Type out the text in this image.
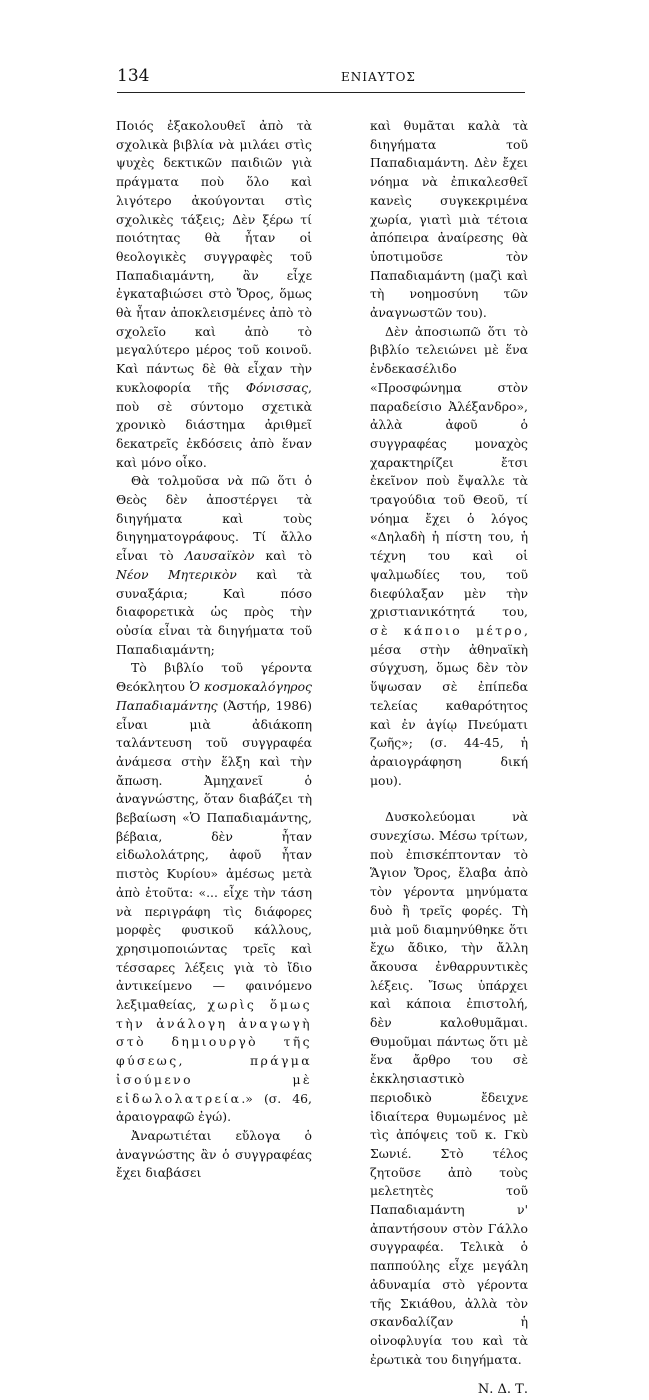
134	ΕΝΙΑΥΤΟΣ

Ποιός ἐξακολουθεῖ ἀπὸ τὰ σχολικὰ βιβλία νὰ μιλάει στὶς ψυχὲς δεκτικῶν παιδιῶν γιὰ πράγματα ποὺ ὅλο καὶ λιγότερο ἀκούγονται στὶς σχολικὲς τάξεις; Δὲν ξέρω τί ποιότητας θὰ ἦταν οἱ θεολογικὲς συγγραφὲς τοῦ Παπαδιαμάντη, ἂν εἶχε ἐγκαταβιώσει στὸ Ὄρος, ὅμως θὰ ἦταν ἀποκλεισμένες ἀπὸ τὸ σχολεῖο καὶ ἀπὸ τὸ μεγαλύτερο μέρος τοῦ κοινοῦ. Καὶ πάντως δὲ θὰ εἶχαν τὴν κυκλοφορία τῆς Φόνισσας, ποὺ σὲ σύντομο σχετικὰ χρονικὸ διάστημα ἀριθμεῖ δεκατρεῖς ἐκδόσεις ἀπὸ ἕναν καὶ μόνο οἶκο.

Θὰ τολμοῦσα νὰ πῶ ὅτι ὁ Θεὸς δὲν ἀποστέργει τὰ διηγήματα καὶ τοὺς διηγηματογράφους. Τί ἄλλο εἶναι τὸ Λαυσαϊκὸν καὶ τὸ Νέον Μητερικὸν καὶ τὰ συναξάρια; Καὶ πόσο διαφορετικὰ ὡς πρὸς τὴν οὐσία εἶναι τὰ διηγήματα τοῦ Παπαδιαμάντη;

Τὸ βιβλίο τοῦ γέροντα Θεόκλητου Ὁ κοσμοκαλόγηρος Παπαδιαμάντης (Ἀστήρ, 1986) εἶναι μιὰ ἀδιάκοπη ταλάντευση τοῦ συγγραφέα ἀνάμεσα στὴν ἕλξη καὶ τὴν ἄπωση. Ἀμηχανεῖ ὁ ἀναγνώστης, ὅταν διαβάζει τὴ βεβαίωση «Ὁ Παπαδιαμάντης, βέβαια, δὲν ἦταν εἰδωλολάτρης, ἀφοῦ ἦταν πιστὸς Κυρίου» ἀμέσως μετὰ ἀπὸ ἐτοῦτα: «... εἶχε τὴν τάση νὰ περιγράφη τὶς διάφορες μορφὲς φυσικοῦ κάλλους, χρησιμοποιώντας τρεῖς καὶ τέσσαρες λέξεις γιὰ τὸ ἴδιο ἀντικείμενο — φαινόμενο λεξιμαθείας, χωρὶς ὅμως τὴν ἀνάλογη ἀναγωγὴ στὸ δημιουργὸ τῆς φύσεως, πράγμα ἰσούμενο μὲ εἰδωλολατρεία.» (σ. 46, ἀραιογραφῶ ἐγώ).

Ἀναρωτιέται εὔλογα ὁ ἀναγνώστης ἂν ὁ συγγραφέας ἔχει διαβάσει

καὶ θυμᾶται καλὰ τὰ διηγήματα τοῦ Παπαδιαμάντη. Δὲν ἔχει νόημα νὰ ἐπικαλεσθεῖ κανεὶς συγκεκριμένα χωρία, γιατὶ μιὰ τέτοια ἀπόπειρα ἀναίρεσης θὰ ὑποτιμοῦσε τὸν Παπαδιαμάντη (μαζὶ καὶ τὴ νοημοσύνη τῶν ἀναγνωστῶν του).

Δὲν ἀποσιωπῶ ὅτι τὸ βιβλίο τελειώνει μὲ ἕνα ἐνδεκασέλιδο «Προσφώνημα στὸν παραδείσιο Ἀλέξανδρο», ἀλλὰ ἀφοῦ ὁ συγγραφέας μοναχὸς χαρακτηρίζει ἔτσι ἐκεῖνον ποὺ ἔψαλλε τὰ τραγούδια τοῦ Θεοῦ, τί νόημα ἔχει ὁ λόγος «Δηλαδὴ ἡ πίστη του, ἡ τέχνη του καὶ οἱ ψαλμωδίες του, τοῦ διεφύλαξαν μὲν τὴν χριστιανικότητά του, σὲ κάποιο μέτρο, μέσα στὴν ἀθηναϊκὴ σύγχυση, ὅμως δὲν τὸν ὕψωσαν σὲ ἐπίπεδα τελείας καθαρότητος καὶ ἐν ἁγίῳ Πνεύματι ζωῆς»; (σ. 44-45, ἡ ἀραιογράφηση δική μου).

Δυσκολεύομαι νὰ συνεχίσω. Μέσω τρίτων, ποὺ ἐπισκέπτονταν τὸ Ἅγιον Ὄρος, ἔλαβα ἀπὸ τὸν γέροντα μηνύματα δυὸ ἢ τρεῖς φορές. Τὴ μιὰ μοῦ διαμηνύθηκε ὅτι ἔχω ἄδικο, τὴν ἄλλη ἄκουσα ἐνθαρρυντικὲς λέξεις. Ἴσως ὑπάρχει καὶ κάποια ἐπιστολή, δὲν καλοθυμᾶμαι. Θυμοῦμαι πάντως ὅτι μὲ ἕνα ἄρθρο του σὲ ἐκκλησιαστικὸ περιοδικὸ ἔδειχνε ἰδιαίτερα θυμωμένος μὲ τὶς ἀπόψεις τοῦ κ. Γκὺ Σωνιέ. Στὸ τέλος ζητοῦσε ἀπὸ τοὺς μελετητὲς τοῦ Παπαδιαμάντη ν' ἀπαντήσουν στὸν Γάλλο συγγραφέα. Τελικὰ ὁ παππούλης εἶχε μεγάλη ἀδυναμία στὸ γέροντα τῆς Σκιάθου, ἀλλὰ τὸν σκανδαλίζαν ἡ οἰνοφλυγία του καὶ τὰ ἐρωτικὰ του διηγήματα.

Ν. Δ. Τ.
